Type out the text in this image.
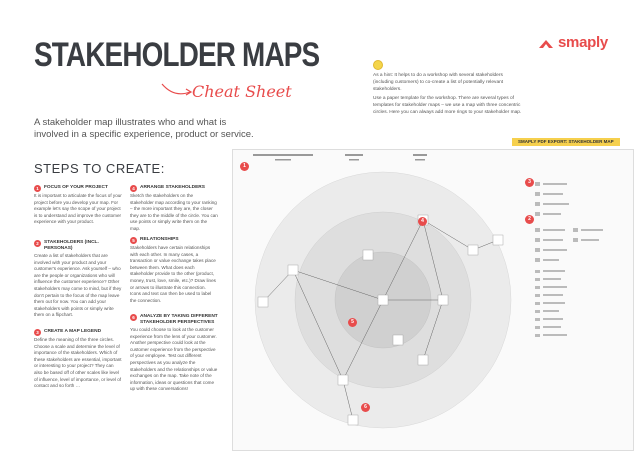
STAKEHOLDER MAPS
Cheat Sheet
A stakeholder map illustrates who and what is involved in a specific experience, product or service.
smaply
As a hint: It helps to do a workshop with several stakeholders (including customers) to co-create a list of potentially relevant stakeholders.
Use a paper template for the workshop. There are several types of templates for stakeholder maps – we use a map with three concentric circles. Here you can always add more rings to your stakeholder map.
SMAPLY PDF EXPORT: STAKEHOLDER MAP
STEPS TO CREATE:
1	FOCUS OF YOUR PROJECT
It is important to articulate the focus of your project before you develop your map. For example let's say the scope of your project is to understand and improve the customer experience with your product.
2	STAKEHOLDERS (INCL. PERSONAS)
Create a list of stakeholders that are involved with your product and your customer's experience. Ask yourself – who are the people or organizations who will influence the customer experience? Other stakeholders may come to mind, but if they don't pertain to the focus of the map leave them out for now. You can add your stakeholders with points or simply write them on a flipchart.
3	CREATE A MAP LEGEND
Define the meaning of the three circles. Choose a scale and determine the level of importance of the stakeholders. Which of these stakeholders are essential, important or interesting to your project? They can also be based off of other scales like level of influence, level of importance, or level of contact and so forth …
4	ARRANGE STAKEHOLDERS
Sketch the stakeholders on the stakeholder map according to your ranking – the more important they are, the closer they are to the middle of the circle. You can use points or simply write them on the map.
5	RELATIONSHIPS
Stakeholders have certain relationships with each other. In many cases, a transaction or value exchange takes place between them. What does each stakeholder provide to the other (product, money, trust, love, smile, etc.)? Draw lines or arrows to illustrate this connection. Icons and text can then be used to label the connection.
6	ANALYZE BY TAKING DIFFERENT STAKEHOLDER PERSPECTIVES
You could choose to look at the customer experience from the lens of your customer. Another perspective could look at the customer experience from the perspective of your employee. Test out different perspectives as you analyze the stakeholders and the relationships or value exchanges on the map. Take note of the information, ideas or questions that come up with these conversations!
1
2
3
4
5
6
